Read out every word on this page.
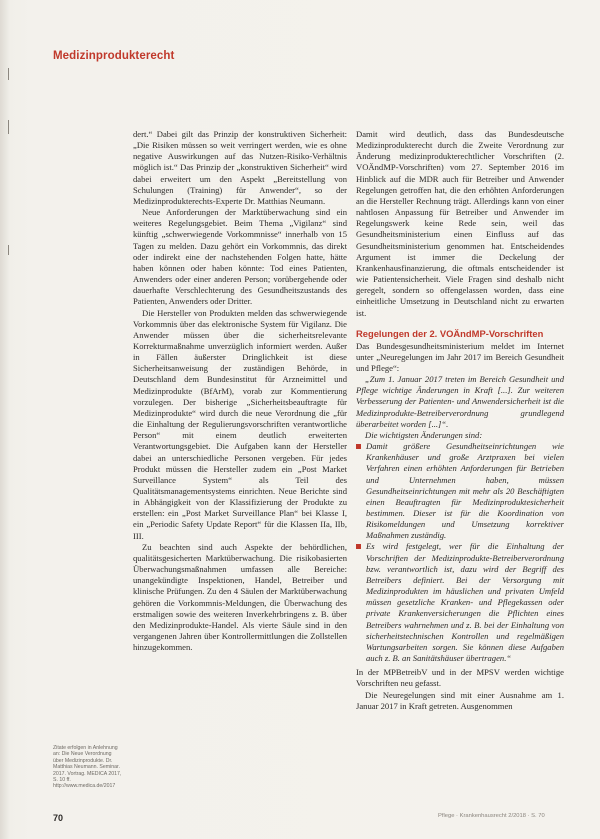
Medizinprodukterecht

dert.“ Dabei gilt das Prinzip der konstruktiven Sicherheit: „Die Risiken müssen so weit verringert werden, wie es ohne negative Auswirkungen auf das Nutzen-Risiko-Verhältnis möglich ist.“ Das Prinzip der „konstruktiven Sicherheit“ wird dabei erweitert um den Aspekt „Bereitstellung von Schulungen (Training) für Anwender“, so der Medizinprodukterechts-Experte Dr. Matthias Neumann.

Neue Anforderungen der Marktüberwachung sind ein weiteres Regelungsgebiet. Beim Thema „Vigilanz“ sind künftig „schwerwiegende Vorkommnisse“ innerhalb von 15 Tagen zu melden. Dazu gehört ein Vorkommnis, das direkt oder indirekt eine der nachstehenden Folgen hatte, hätte haben können oder haben könnte: Tod eines Patienten, Anwenders oder einer anderen Person; vorübergehende oder dauerhafte Verschlechterung des Gesundheitszustands des Patienten, Anwenders oder Dritter.

Die Hersteller von Produkten melden das schwerwiegende Vorkommnis über das elektronische System für Vigilanz. Die Anwender müssen über die sicherheitsrelevante Korrekturmaßnahme unverzüglich informiert werden. Außer in Fällen äußerster Dringlichkeit ist diese Sicherheitsanweisung der zuständigen Behörde, in Deutschland dem Bundesinstitut für Arzneimittel und Medizinprodukte (BfArM), vorab zur Kommentierung vorzulegen. Der bisherige „Sicherheitsbeauftragte für Medizinprodukte“ wird durch die neue Verordnung die „für die Einhaltung der Regulierungsvorschriften verantwortliche Person“ mit einem deutlich erweiterten Verantwortungsgebiet. Die Aufgaben kann der Hersteller dabei an unterschiedliche Personen vergeben. Für jedes Produkt müssen die Hersteller zudem ein „Post Market Surveillance System“ als Teil des Qualitätsmanagementsystems einrichten. Neue Berichte sind in Abhängigkeit von der Klassifizierung der Produkte zu erstellen: ein „Post Market Surveillance Plan“ bei Klasse I, ein „Periodic Safety Update Report“ für die Klassen IIa, IIb, III.

Zu beachten sind auch Aspekte der behördlichen, qualitätsgesicherten Marktüberwachung. Die risikobasierten Überwachungsmaßnahmen umfassen alle Bereiche: unangekündigte Inspektionen, Handel, Betreiber und klinische Prüfungen. Zu den 4 Säulen der Marktüberwachung gehören die Vorkommnis-Meldungen, die Überwachung des erstmaligen sowie des weiteren Inverkehrbringens z. B. über den Medizinprodukte-Handel. Als vierte Säule sind in den vergangenen Jahren über Kontrollermittlungen die Zollstellen hinzugekommen.

Damit wird deutlich, dass das Bundesdeutsche Medizinprodukterecht durch die Zweite Verordnung zur Änderung medizinprodukterechtlicher Vorschriften (2. VOÄndMP-Vorschriften) vom 27. September 2016 im Hinblick auf die MDR auch für Betreiber und Anwender Regelungen getroffen hat, die den erhöhten Anforderungen an die Hersteller Rechnung trägt. Allerdings kann von einer nahtlosen Anpassung für Betreiber und Anwender im Regelungswerk keine Rede sein, weil das Gesundheitsministerium einen Einfluss auf das Gesundheitsministerium genommen hat. Entscheidendes Argument ist immer die Deckelung der Krankenhausfinanzierung, die oftmals entscheidender ist wie Patientensicherheit. Viele Fragen sind deshalb nicht geregelt, sondern so offengelassen worden, dass eine einheitliche Umsetzung in Deutschland nicht zu erwarten ist.

Regelungen der 2. VOÄndMP-Vorschriften

Das Bundesgesundheitsministerium meldet im Internet unter „Neuregelungen im Jahr 2017 im Bereich Gesundheit und Pflege“:

„Zum 1. Januar 2017 treten im Bereich Gesundheit und Pflege wichtige Änderungen in Kraft [...]. Zur weiteren Verbesserung der Patienten- und Anwendersicherheit ist die Medizinprodukte-Betreiberverordnung grundlegend überarbeitet worden [...]“.

Die wichtigsten Änderungen sind:

Damit größere Gesundheitseinrichtungen wie Krankenhäuser und große Arztpraxen bei vielen Verfahren einen erhöhten Anforderungen für Betrieben und Unternehmen haben, müssen Gesundheitseinrichtungen mit mehr als 20 Beschäftigten einen Beauftragten für Medizinproduktesicherheit bestimmen. Dieser ist für die Koordination von Risikomeldungen und Umsetzung korrektiver Maßnahmen zuständig.
Es wird festgelegt, wer für die Einhaltung der Vorschriften der Medizinprodukte-Betreiberverordnung bzw. verantwortlich ist, dazu wird der Begriff des Betreibers definiert. Bei der Versorgung mit Medizinprodukten im häuslichen und privaten Umfeld müssen gesetzliche Kranken- und Pflegekassen oder private Krankenversicherungen die Pflichten eines Betreibers wahrnehmen und z. B. bei der Einhaltung von sicherheitstechnischen Kontrollen und regelmäßigen Wartungsarbeiten sorgen. Sie können diese Aufgaben auch z. B. an Sanitätshäuser übertragen.“

In der MPBetreibV und in der MPSV werden wichtige Vorschriften neu gefasst.

Die Neuregelungen sind mit einer Ausnahme am 1. Januar 2017 in Kraft getreten. Ausgenommen

Zitate erfolgen in Anlehnung an: Die Neue Verordnung über Medizinprodukte. Dr. Matthias Neumann. Seminar. 2017. Vortrag. MEDICA 2017, S. 10 ff. http://www.medica.de/2017
70	Pflege · Krankenhausrecht 2/2018 · S. 70
